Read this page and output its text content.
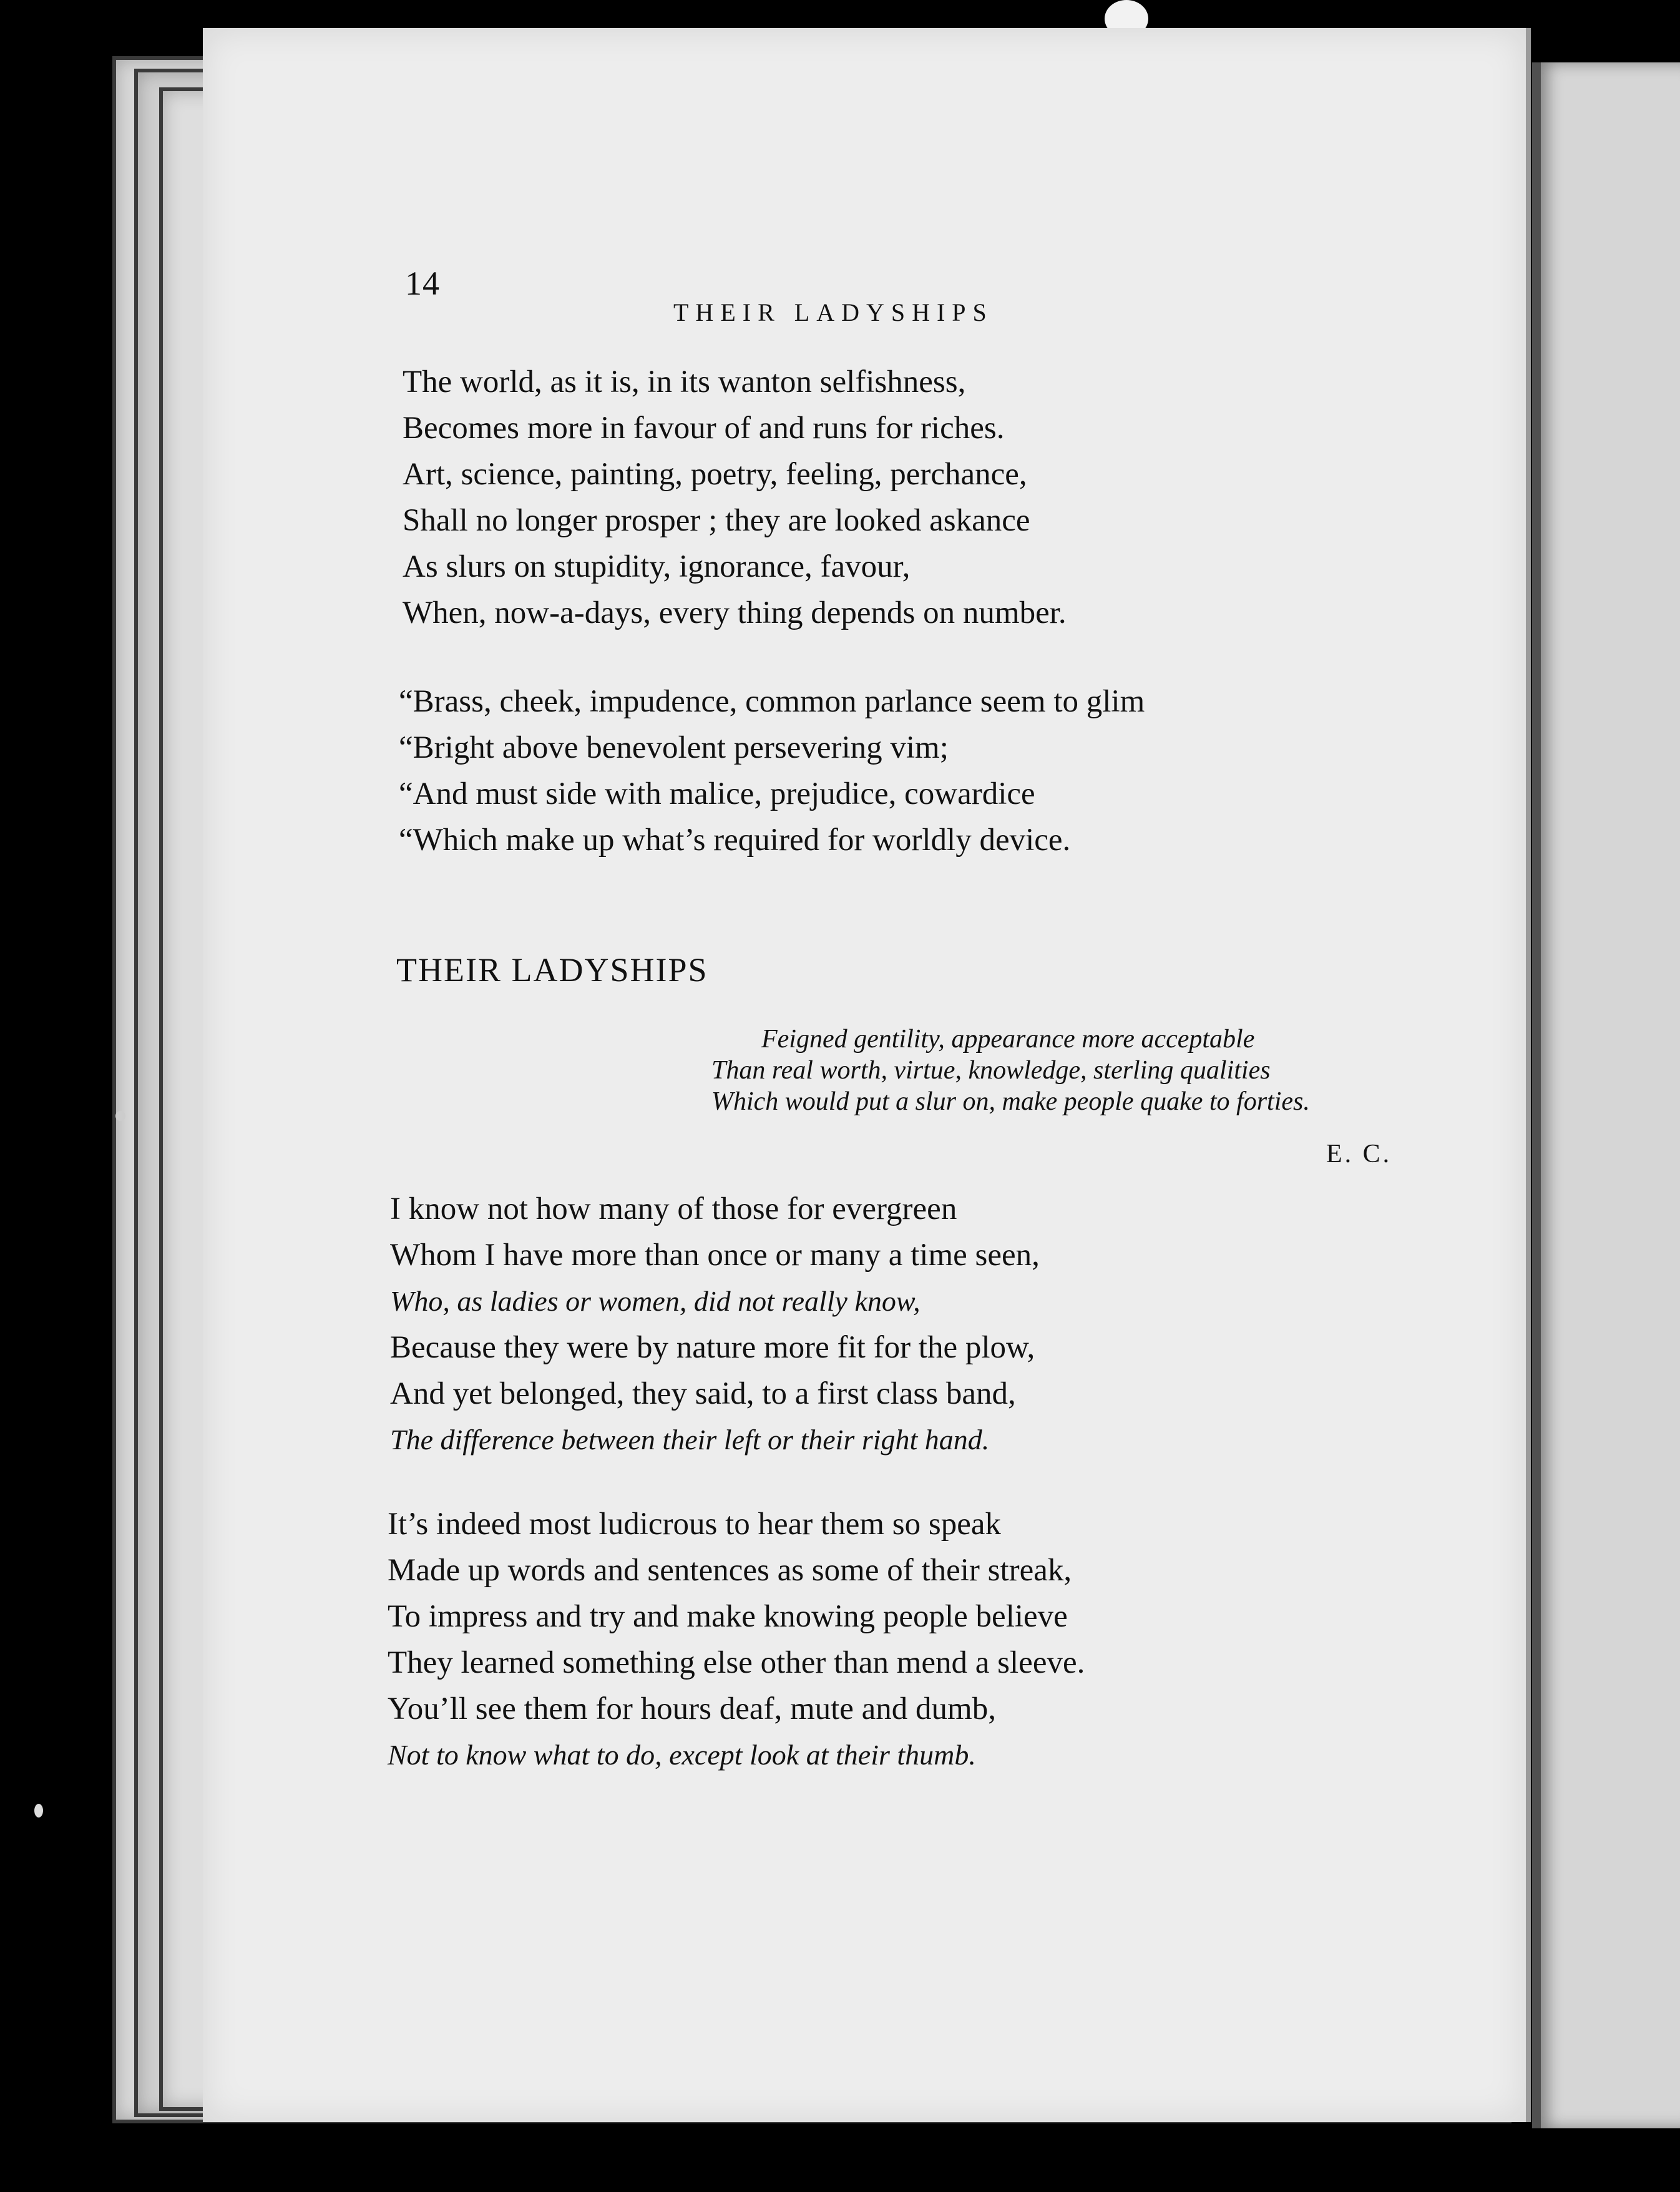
14
THEIR LADYSHIPS
The world, as it is, in its wanton selfishness,
Becomes more in favour of and runs for riches.
Art, science, painting, poetry, feeling, perchance,
Shall no longer prosper ; they are looked askance
As slurs on stupidity, ignorance, favour,
When, now-a-days, every thing depends on number.
“Brass, cheek, impudence, common parlance seem to glim
“Bright above benevolent persevering vim;
“And must side with malice, prejudice, cowardice
“Which make up what’s required for worldly device.
THEIR LADYSHIPS
Feigned gentility, appearance more acceptable
Than real worth, virtue, knowledge, sterling qualities
Which would put a slur on, make people quake to forties.
E. C.
I know not how many of those for evergreen
Whom I have more than once or many a time seen,
Who, as ladies or women, did not really know,
Because they were by nature more fit for the plow,
And yet belonged, they said, to a first class band,
The difference between their left or their right hand.
It’s indeed most ludicrous to hear them so speak
Made up words and sentences as some of their streak,
To impress and try and make knowing people believe
They learned something else other than mend a sleeve.
You’ll see them for hours deaf, mute and dumb,
Not to know what to do, except look at their thumb.
